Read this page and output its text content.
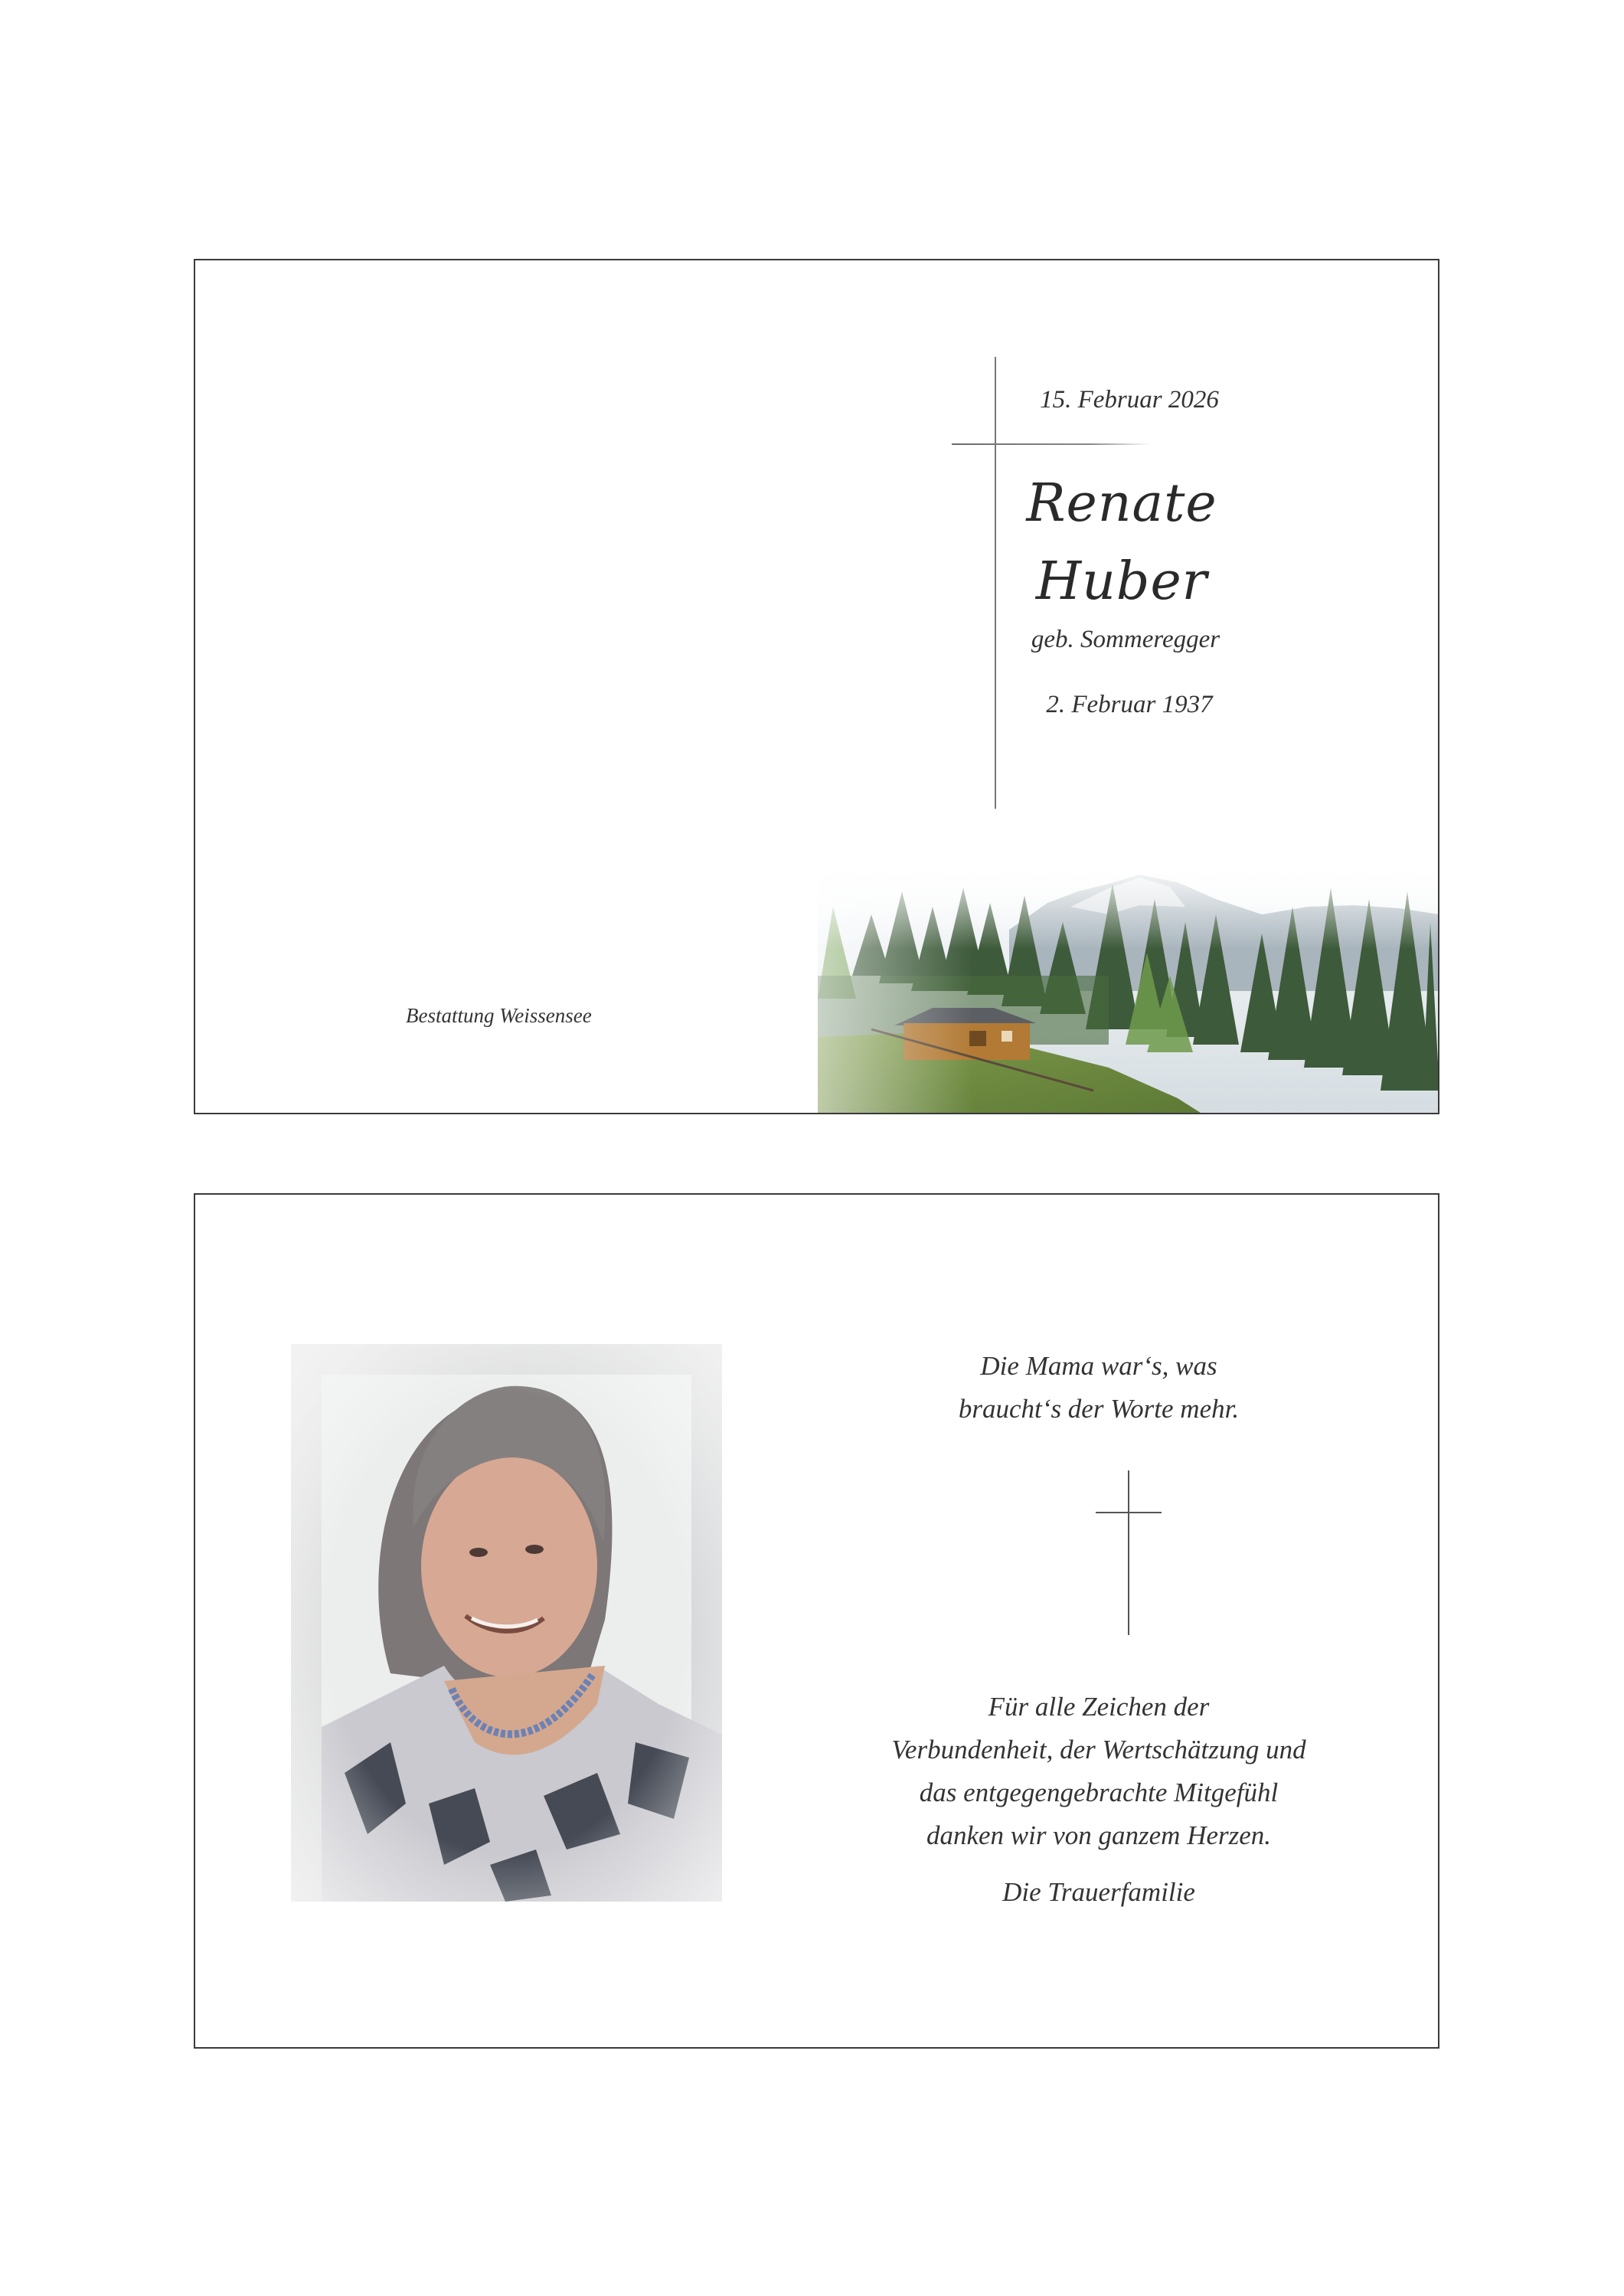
15. Februar 2026
Renate
Huber
geb. Sommeregger
2. Februar 1937
Bestattung Weissensee
Die Mama war‘s, was
braucht‘s der Worte mehr.
Für alle Zeichen der
Verbundenheit, der Wertschätzung und
das entgegengebrachte Mitgefühl
danken wir von ganzem Herzen.
Die Trauerfamilie
